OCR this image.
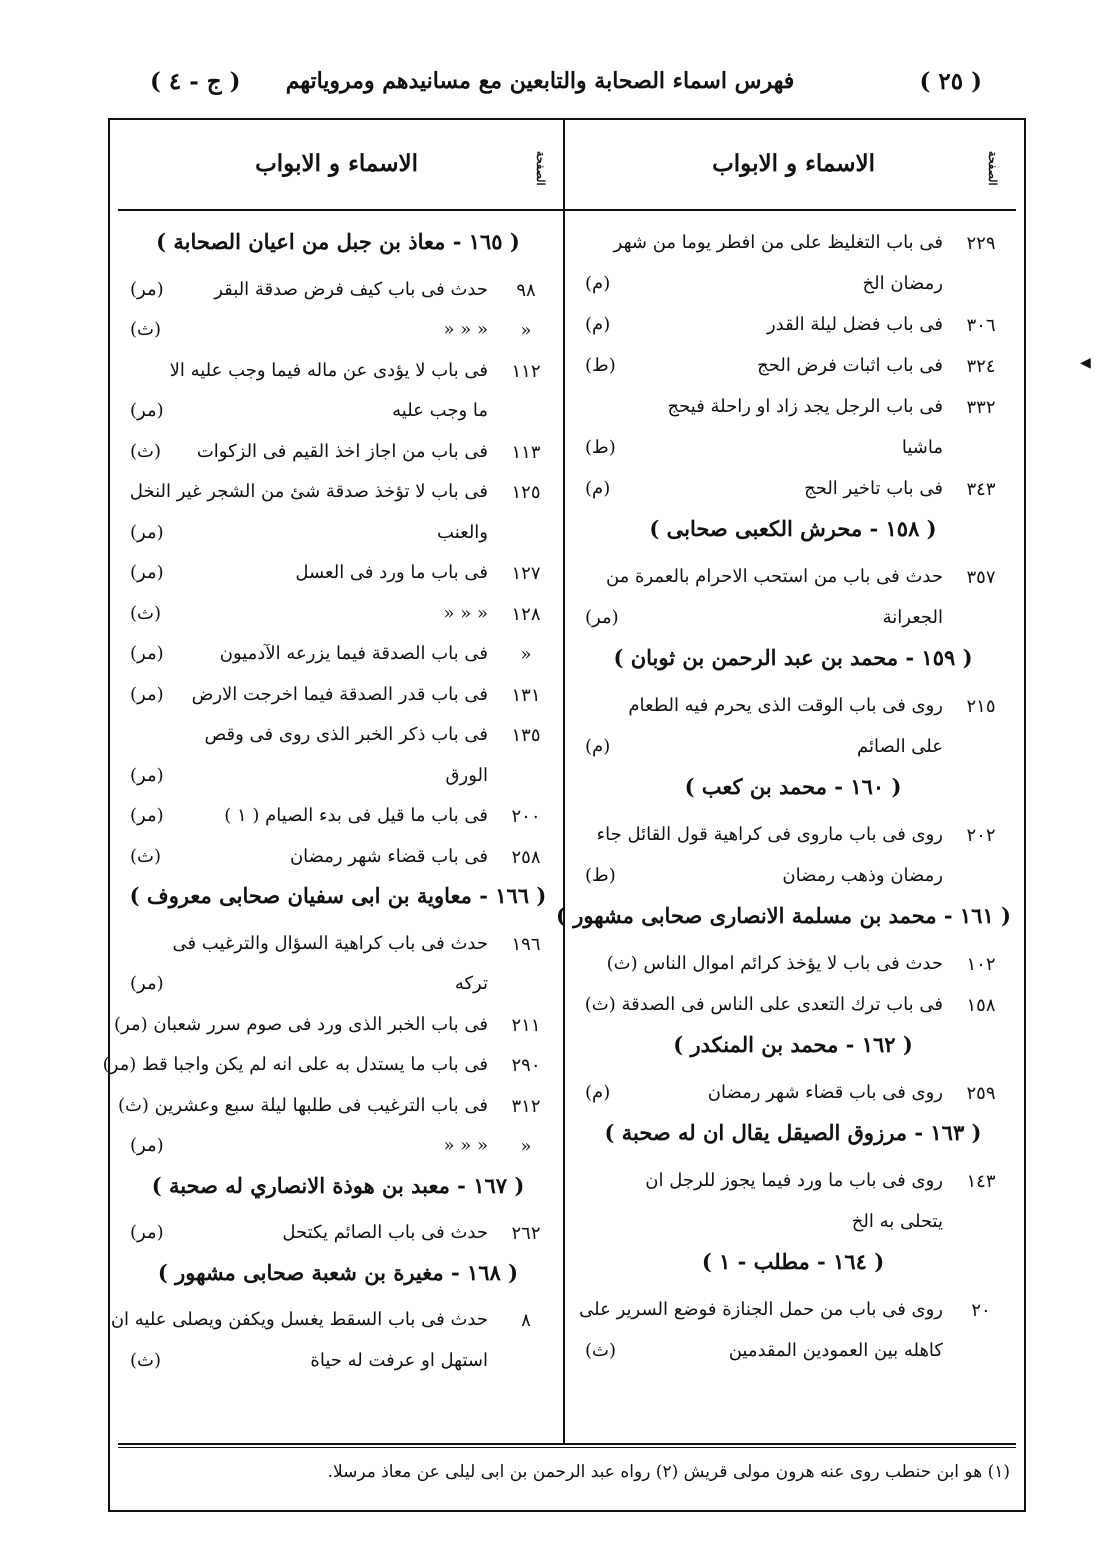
( ٢٥ )
فهرس اسماء الصحابة والتابعين مع مسانيدهم ومروياتهم
( ج - ٤ )
الاسماء و الابواب	الصفحة
الاسماء و الابواب	الصفحة
٢٢٩
فى باب التغليظ على من افطر يوما من شهر
رمضان الخ
(م)
٣٠٦
فى باب فضل ليلة القدر
(م)
٣٢٤
فى باب اثبات فرض الحج
(ط)
٣٣٢
فى باب الرجل يجد زاد او راحلة فيحج
ماشيا
(ط)
٣٤٣
فى باب تاخير الحج
(م)
( ١٥٨ - محرش الكعبى صحابى )
٣٥٧
حدث فى باب من استحب الاحرام بالعمرة من
الجعرانة
(مر)
( ١٥٩ - محمد بن عبد الرحمن بن ثوبان )
٢١٥
روى فى باب الوقت الذى يحرم فيه الطعام
على الصائم
(م)
( ١٦٠ - محمد بن كعب )
٢٠٢
روى فى باب ماروى فى كراهية قول القائل جاء
رمضان وذهب رمضان
(ط)
( ١٦١ - محمد بن مسلمة الانصارى صحابى مشهور )
١٠٢
حدث فى باب لا يؤخذ كرائم اموال الناس (ث)
١٥٨
فى باب ترك التعدى على الناس فى الصدقة (ث)
( ١٦٢ - محمد بن المنكدر )
٢٥٩
روى فى باب قضاء شهر رمضان
(م)
( ١٦٣ - مرزوق الصيقل يقال ان له صحبة )
١٤٣
روى فى باب ما ورد فيما يجوز للرجل ان
يتحلى به الخ
( ١٦٤ - مطلب - ١ )
٢٠
روى فى باب من حمل الجنازة فوضع السرير على
كاهله بين العمودين المقدمين
(ث)
( ١٦٥ - معاذ بن جبل من اعيان الصحابة )
٩٨
حدث فى باب كيف فرض صدقة البقر
(مر)
«
« « «
(ث)
١١٢
فى باب لا يؤدى عن ماله فيما وجب عليه الا
ما وجب عليه
(مر)
١١٣
فى باب من اجاز اخذ القيم فى الزكوات
(ث)
١٢٥
فى باب لا تؤخذ صدقة شئ من الشجر غير النخل
والعنب
(مر)
١٢٧
فى باب ما ورد فى العسل
(مر)
١٢٨
« « «
(ث)
«
فى باب الصدقة فيما يزرعه الآدميون
(مر)
١٣١
فى باب قدر الصدقة فيما اخرجت الارض
(مر)
١٣٥
فى باب ذكر الخبر الذى روى فى وقص
الورق
(مر)
٢٠٠
فى باب ما قيل فى بدء الصيام ( ١ )
(مر)
٢٥٨
فى باب قضاء شهر رمضان
(ث)
( ١٦٦ - معاوية بن ابى سفيان صحابى معروف )
١٩٦
حدث فى باب كراهية السؤال والترغيب فى
تركه
(مر)
٢١١
فى باب الخبر الذى ورد فى صوم سرر شعبان (مر)
٢٩٠
فى باب ما يستدل به على انه لم يكن واجبا قط (مر)
٣١٢
فى باب الترغيب فى طلبها ليلة سبع وعشرين (ث)
«
« « «
(مر)
( ١٦٧ - معبد بن هوذة الانصاري له صحبة )
٢٦٢
حدث فى باب الصائم يكتحل
(مر)
( ١٦٨ - مغيرة بن شعبة صحابى مشهور )
٨
حدث فى باب السقط يغسل ويكفن ويصلى عليه ان
استهل او عرفت له حياة
(ث)
(١) هو ابن حنطب روى عنه هرون مولى قريش (٢) رواه عبد الرحمن بن ابى ليلى عن معاذ مرسلا.
◀
